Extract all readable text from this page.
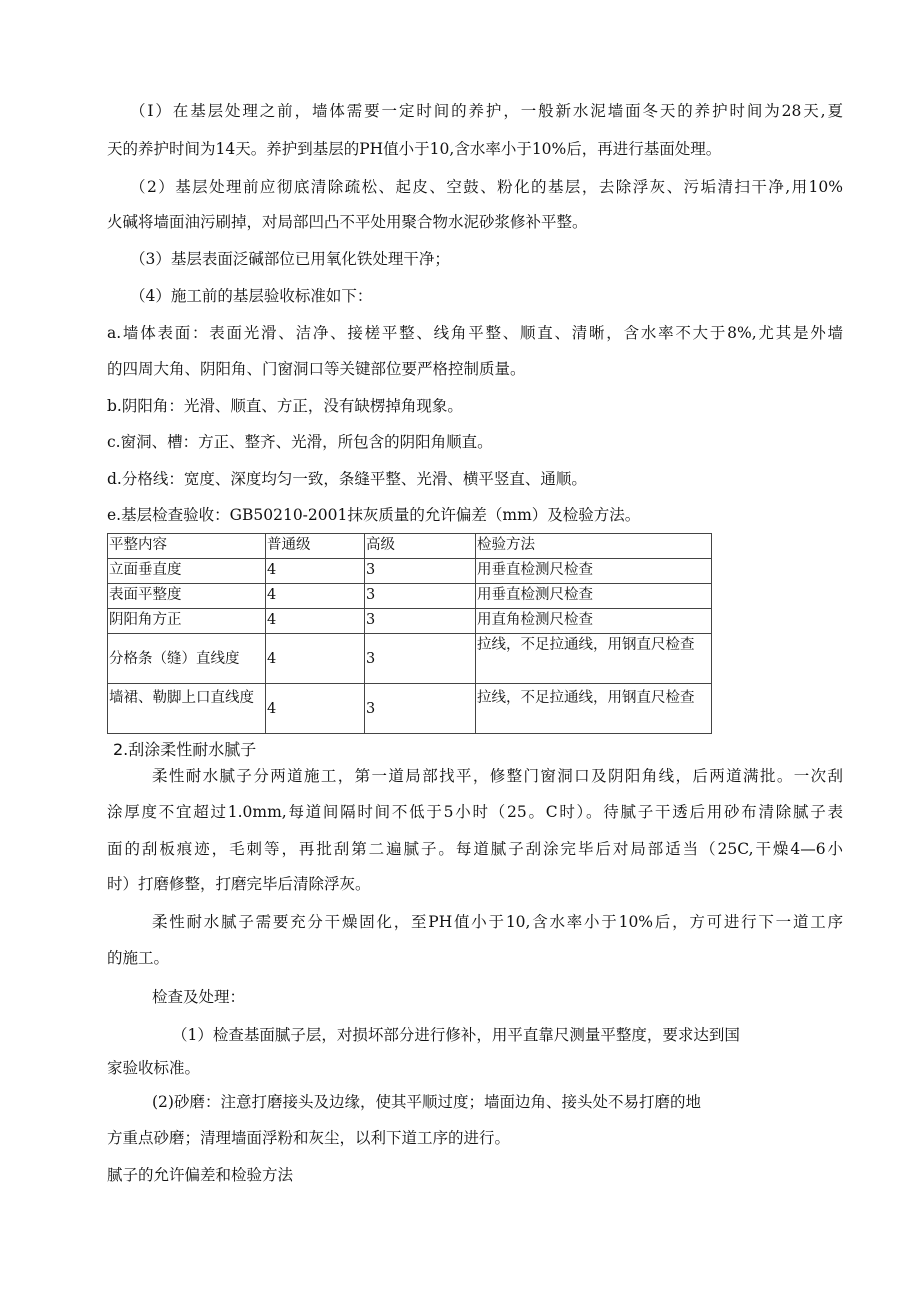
（I）在基层处理之前，墙体需要一定时间的养护，一般新水泥墙面冬天的养护时间为28天,夏
天的养护时间为14天。养护到基层的PH值小于10,含水率小于10%后，再进行基面处理。
（2）基层处理前应彻底清除疏松、起皮、空鼓、粉化的基层，去除浮灰、污垢清扫干净,用10%
火碱将墙面油污刷掉，对局部凹凸不平处用聚合物水泥砂浆修补平整。
（3）基层表面泛碱部位已用氧化铁处理干净；
（4）施工前的基层验收标准如下：
a.墙体表面：表面光滑、洁净、接槎平整、线角平整、顺直、清晰，含水率不大于8%,尤其是外墙
的四周大角、阴阳角、门窗洞口等关键部位要严格控制质量。
b.阴阳角：光滑、顺直、方正，没有缺楞掉角现象。
c.窗洞、槽：方正、整齐、光滑，所包含的阴阳角顺直。
d.分格线：宽度、深度均匀一致，条缝平整、光滑、横平竖直、通顺。
e.基层检查验收：GB50210-2001抹灰质量的允许偏差（mm）及检验方法。
平整内容	普通级	高级	检验方法
立面垂直度	4	3	用垂直检测尺检查
表面平整度	4	3	用垂直检测尺检查
阴阳角方正	4	3	用直角检测尺检查
分格条（缝）直线度	4	3	拉线，不足拉通线，用钢直尺检查
墙裙、勒脚上口直线度	4	3	拉线，不足拉通线，用钢直尺检查
2.刮涂柔性耐水腻子
柔性耐水腻子分两道施工，第一道局部找平，修整门窗洞口及阴阳角线，后两道满批。一次刮
涂厚度不宜超过1.0mm,每道间隔时间不低于5小时（25。C时）。待腻子干透后用砂布清除腻子表
面的刮板痕迹，毛刺等，再批刮第二遍腻子。每道腻子刮涂完毕后对局部适当（25C,干燥4—6小
时）打磨修整，打磨完毕后清除浮灰。
柔性耐水腻子需要充分干燥固化，至PH值小于10,含水率小于10%后，方可进行下一道工序
的施工。
检查及处理：
（1）检查基面腻子层，对损坏部分进行修补，用平直靠尺测量平整度，要求达到国
家验收标准。
(2)砂磨：注意打磨接头及边缘，使其平顺过度；墙面边角、接头处不易打磨的地
方重点砂磨；清理墙面浮粉和灰尘，以利下道工序的进行。
腻子的允许偏差和检验方法
